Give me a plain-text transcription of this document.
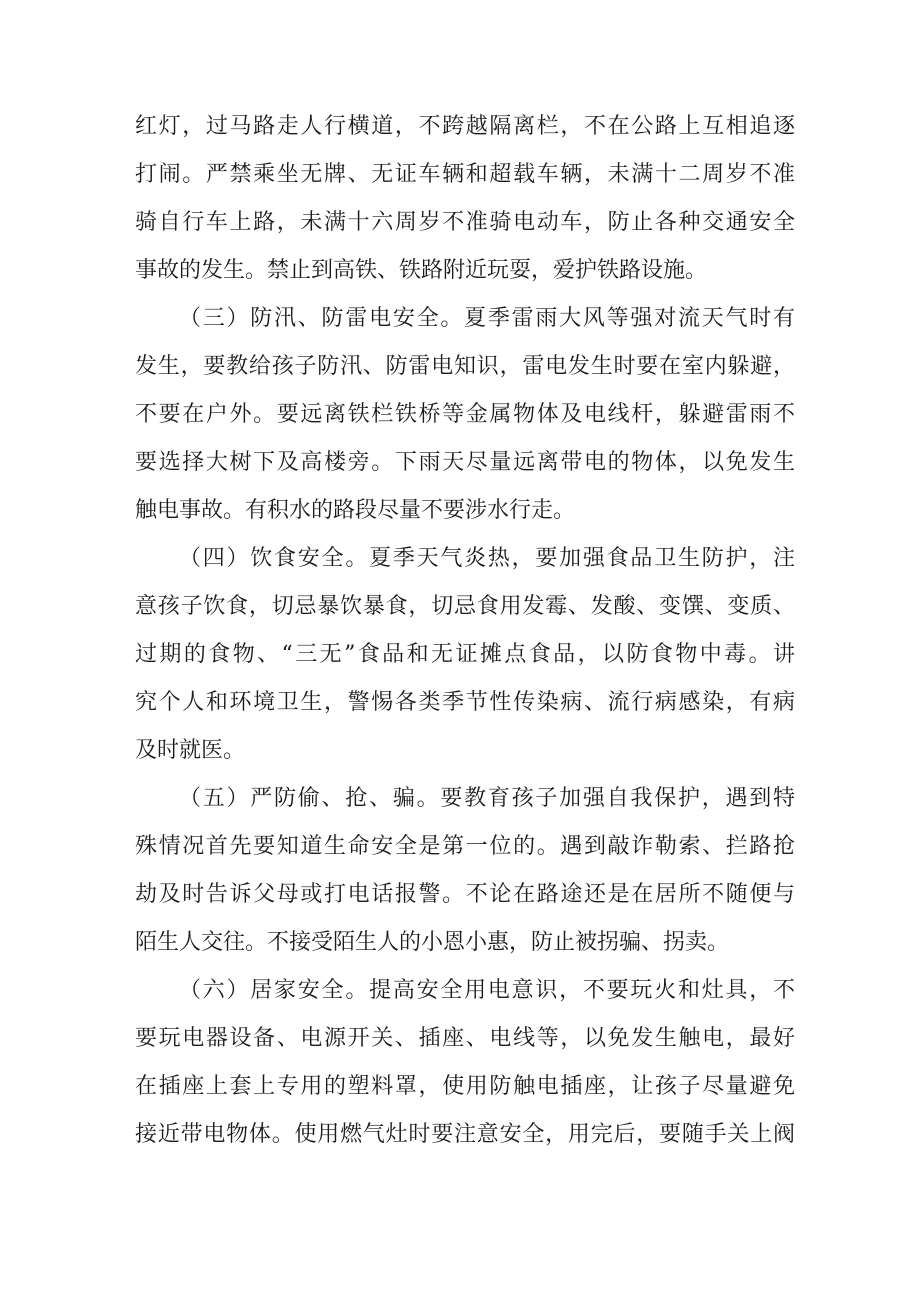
红灯，过马路走人行横道，不跨越隔离栏，不在公路上互相追逐
打闹。严禁乘坐无牌、无证车辆和超载车辆，未满十二周岁不准
骑自行车上路，未满十六周岁不准骑电动车，防止各种交通安全
事故的发生。禁止到高铁、铁路附近玩耍，爱护铁路设施。
（三）防汛、防雷电安全。夏季雷雨大风等强对流天气时有
发生，要教给孩子防汛、防雷电知识，雷电发生时要在室内躲避，
不要在户外。要远离铁栏铁桥等金属物体及电线杆，躲避雷雨不
要选择大树下及高楼旁。下雨天尽量远离带电的物体，以免发生
触电事故。有积水的路段尽量不要涉水行走。
（四）饮食安全。夏季天气炎热，要加强食品卫生防护，注
意孩子饮食，切忌暴饮暴食，切忌食用发霉、发酸、变馔、变质、
过期的食物、“三无”食品和无证摊点食品，以防食物中毒。讲
究个人和环境卫生，警惕各类季节性传染病、流行病感染，有病
及时就医。
（五）严防偷、抢、骗。要教育孩子加强自我保护，遇到特
殊情况首先要知道生命安全是第一位的。遇到敲诈勒索、拦路抢
劫及时告诉父母或打电话报警。不论在路途还是在居所不随便与
陌生人交往。不接受陌生人的小恩小惠，防止被拐骗、拐卖。
（六）居家安全。提高安全用电意识，不要玩火和灶具，不
要玩电器设备、电源开关、插座、电线等，以免发生触电，最好
在插座上套上专用的塑料罩，使用防触电插座，让孩子尽量避免
接近带电物体。使用燃气灶时要注意安全，用完后，要随手关上阀
